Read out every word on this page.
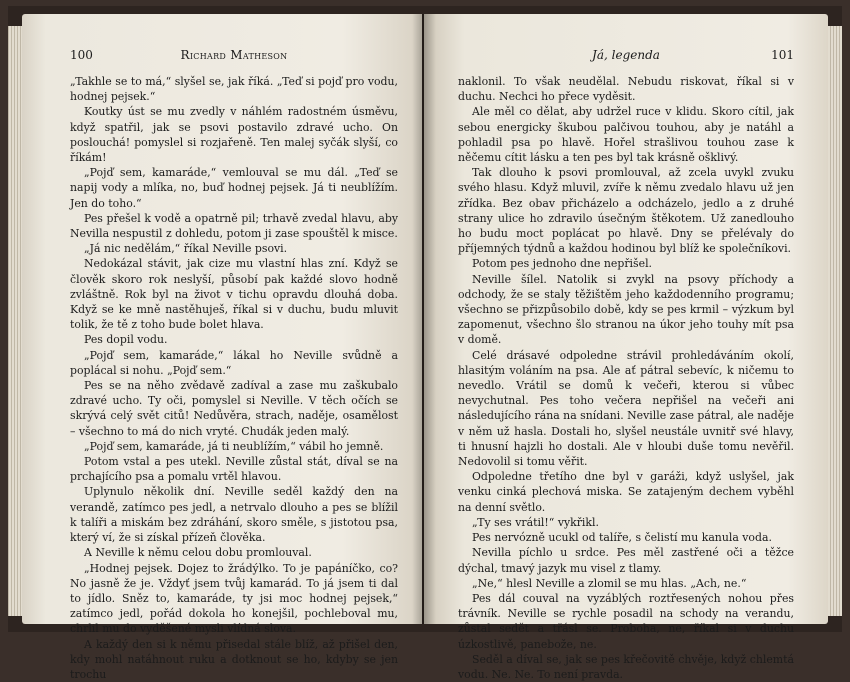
100	Richard Matheson

„Takhle se to má,“ slyšel se, jak říká. „Teď si pojď pro vodu, hodnej pejsek.“

Koutky úst se mu zvedly v náhlém radostném úsměvu, když spatřil, jak se psovi postavilo zdravé ucho. On poslouchá! pomyslel si rozjařeně. Ten malej syčák slyší, co říkám!

„Pojď sem, kamaráde,“ vemlouval se mu dál. „Teď se napij vody a mlíka, no, buď hodnej pejsek. Já ti neublížím. Jen do toho.“

Pes přešel k vodě a opatrně pil; trhavě zvedal hlavu, aby Nevilla nespustil z dohledu, potom ji zase spouštěl k misce.

„Já nic nedělám,“ říkal Neville psovi.

Nedokázal stávit, jak cize mu vlastní hlas zní. Když se člověk skoro rok neslyší, působí pak každé slovo hodně zvláštně. Rok byl na život v tichu opravdu dlouhá doba. Když se ke mně nastěhuješ, říkal si v duchu, budu mluvit tolik, že tě z toho bude bolet hlava.

Pes dopil vodu.

„Pojď sem, kamaráde,“ lákal ho Neville svůdně a poplácal si nohu. „Pojď sem.“

Pes se na něho zvědavě zadíval a zase mu zaškubalo zdravé ucho. Ty oči, pomyslel si Neville. V těch očích se skrývá celý svět citů! Nedůvěra, strach, naděje, osamělost – všechno to má do nich vryté. Chudák jeden malý.

„Pojď sem, kamaráde, já ti neublížím,“ vábil ho jemně.

Potom vstal a pes utekl. Neville zůstal stát, díval se na prchajícího psa a pomalu vrtěl hlavou.

Uplynulo několik dní. Neville seděl každý den na verandě, zatímco pes jedl, a netrvalo dlouho a pes se blížil k talíři a miskám bez zdráhání, skoro směle, s jistotou psa, který ví, že si získal přízeň člověka.

A Neville k němu celou dobu promlouval.

„Hodnej pejsek. Dojez to žrádýlko. To je papáníčko, co? No jasně že je. Vždyť jsem tvůj kamarád. To já jsem ti dal to jídlo. Sněz to, kamaráde, ty jsi moc hodnej pejsek,“ zatímco jedl, pořád dokola ho konejšil, pochleboval mu, chrlil mu do vyděšené mysli vlídná slova.

A každý den si k němu přisedal stále blíž, až přišel den, kdy mohl natáhnout ruku a dotknout se ho, kdyby se jen trochu

Já, legenda	101

naklonil. To však neudělal. Nebudu riskovat, říkal si v duchu. Nechci ho přece vyděsit.

Ale měl co dělat, aby udržel ruce v klidu. Skoro cítil, jak sebou energicky škubou palčivou touhou, aby je natáhl a pohladil psa po hlavě. Hořel strašlivou touhou zase k něčemu cítit lásku a ten pes byl tak krásně ošklivý.

Tak dlouho k psovi promlouval, až zcela uvykl zvuku svého hlasu. Když mluvil, zvíře k němu zvedalo hlavu už jen zřídka. Bez obav přicházelo a odcházelo, jedlo a z druhé strany ulice ho zdravilo úsečným štěkotem. Už zanedlouho ho budu moct poplácat po hlavě. Dny se přelévaly do příjemných týdnů a každou hodinou byl blíž ke společníkovi.

Potom pes jednoho dne nepřišel.

Neville šílel. Natolik si zvykl na psovy příchody a odchody, že se staly těžištěm jeho každodenního programu; všechno se přizpůsobilo době, kdy se pes krmil – výzkum byl zapomenut, všechno šlo stranou na úkor jeho touhy mít psa v domě.

Celé drásavé odpoledne strávil prohledáváním okolí, hlasitým voláním na psa. Ale ať pátral sebevíc, k ničemu to nevedlo. Vrátil se domů k večeři, kterou si vůbec nevychutnal. Pes toho večera nepřišel na večeři ani následujícího rána na snídani. Neville zase pátral, ale naděje v něm už hasla. Dostali ho, slyšel neustále uvnitř své hlavy, ti hnusní hajzli ho dostali. Ale v hloubi duše tomu nevěřil. Nedovolil si tomu věřit.

Odpoledne třetího dne byl v garáži, když uslyšel, jak venku cinká plechová miska. Se zatajeným dechem vyběhl na denní světlo.

„Ty ses vrátil!“ vykřikl.

Pes nervózně ucukl od talíře, s čelistí mu kanula voda.

Nevilla píchlo u srdce. Pes měl zastřené oči a těžce dýchal, tmavý jazyk mu visel z tlamy.

„Ne,“ hlesl Neville a zlomil se mu hlas. „Ach, ne.“

Pes dál couval na vyzáblých roztřesených nohou přes trávník. Neville se rychle posadil na schody na verandu, zůstal sedět a třásl se. Proboha, ne, říkal si v duchu úzkostlivě, panebože, ne.

Seděl a díval se, jak se pes křečovitě chvěje, když chlemtá vodu. Ne. Ne. To není pravda.
